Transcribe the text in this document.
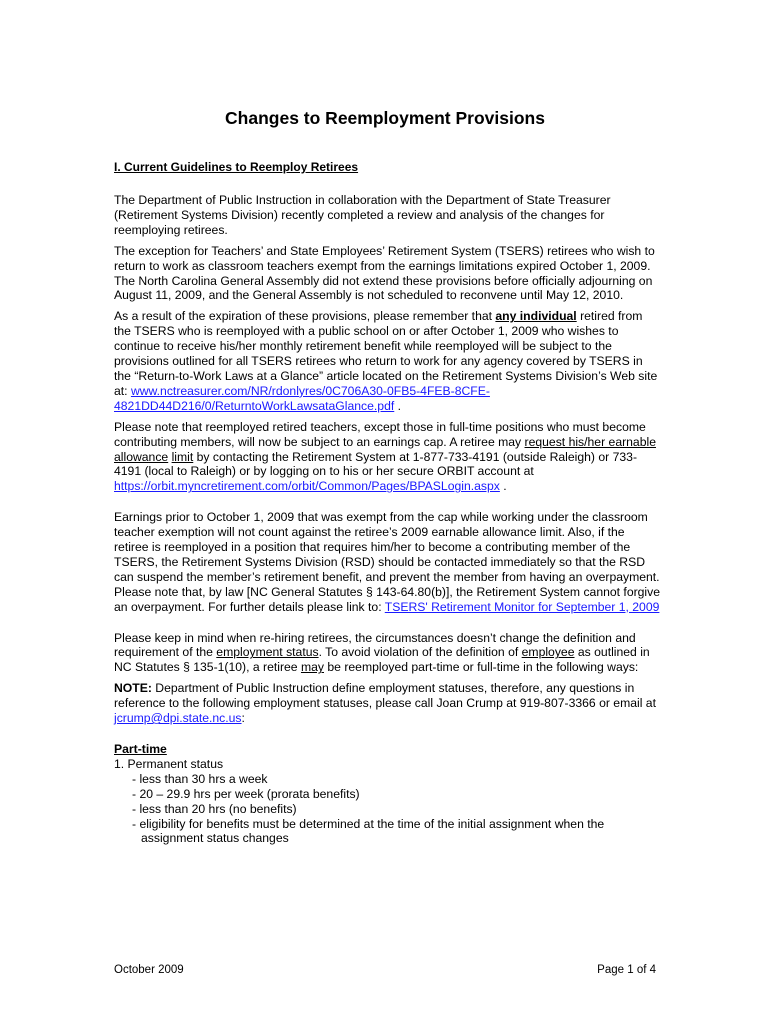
Changes to Reemployment Provisions
I. Current Guidelines to Reemploy Retirees

The Department of Public Instruction in collaboration with the Department of State Treasurer (Retirement Systems Division) recently completed a review and analysis of the changes for reemploying retirees.

The exception for Teachers’ and State Employees’ Retirement System (TSERS) retirees who wish to return to work as classroom teachers exempt from the earnings limitations expired October 1, 2009. The North Carolina General Assembly did not extend these provisions before officially adjourning on August 11, 2009, and the General Assembly is not scheduled to reconvene until May 12, 2010.

As a result of the expiration of these provisions, please remember that any individual retired from the TSERS who is reemployed with a public school on or after October 1, 2009 who wishes to continue to receive his/her monthly retirement benefit while reemployed will be subject to the provisions outlined for all TSERS retirees who return to work for any agency covered by TSERS in the “Return-to-Work Laws at a Glance” article located on the Retirement Systems Division’s Web site at: www.nctreasurer.com/NR/rdonlyres/0C706A30-0FB5-4FEB-8CFE-4821DD44D216/0/ReturntoWorkLawsataGlance.pdf .

Please note that reemployed retired teachers, except those in full-time positions who must become contributing members, will now be subject to an earnings cap. A retiree may request his/her earnable allowance limit by contacting the Retirement System at 1-877-733-4191 (outside Raleigh) or 733-4191 (local to Raleigh) or by logging on to his or her secure ORBIT account at https://orbit.myncretirement.com/orbit/Common/Pages/BPASLogin.aspx .

Earnings prior to October 1, 2009 that was exempt from the cap while working under the classroom teacher exemption will not count against the retiree’s 2009 earnable allowance limit. Also, if the retiree is reemployed in a position that requires him/her to become a contributing member of the TSERS, the Retirement Systems Division (RSD) should be contacted immediately so that the RSD can suspend the member’s retirement benefit, and prevent the member from having an overpayment. Please note that, by law [NC General Statutes § 143-64.80(b)], the Retirement System cannot forgive an overpayment. For further details please link to: TSERS' Retirement Monitor for September 1, 2009

Please keep in mind when re-hiring retirees, the circumstances doesn’t change the definition and requirement of the employment status. To avoid violation of the definition of employee as outlined in NC Statutes § 135-1(10), a retiree may be reemployed part-time or full-time in the following ways:

NOTE: Department of Public Instruction define employment statuses, therefore, any questions in reference to the following employment statuses, please call Joan Crump at 919-807-3366 or email at jcrump@dpi.state.nc.us:

Part-time
1. Permanent status
- less than 30 hrs a week
- 20 – 29.9 hrs per week (prorata benefits)
- less than 20 hrs (no benefits)
- eligibility for benefits must be determined at the time of the initial assignment when the
assignment status changes
October 2009	Page 1 of 4
